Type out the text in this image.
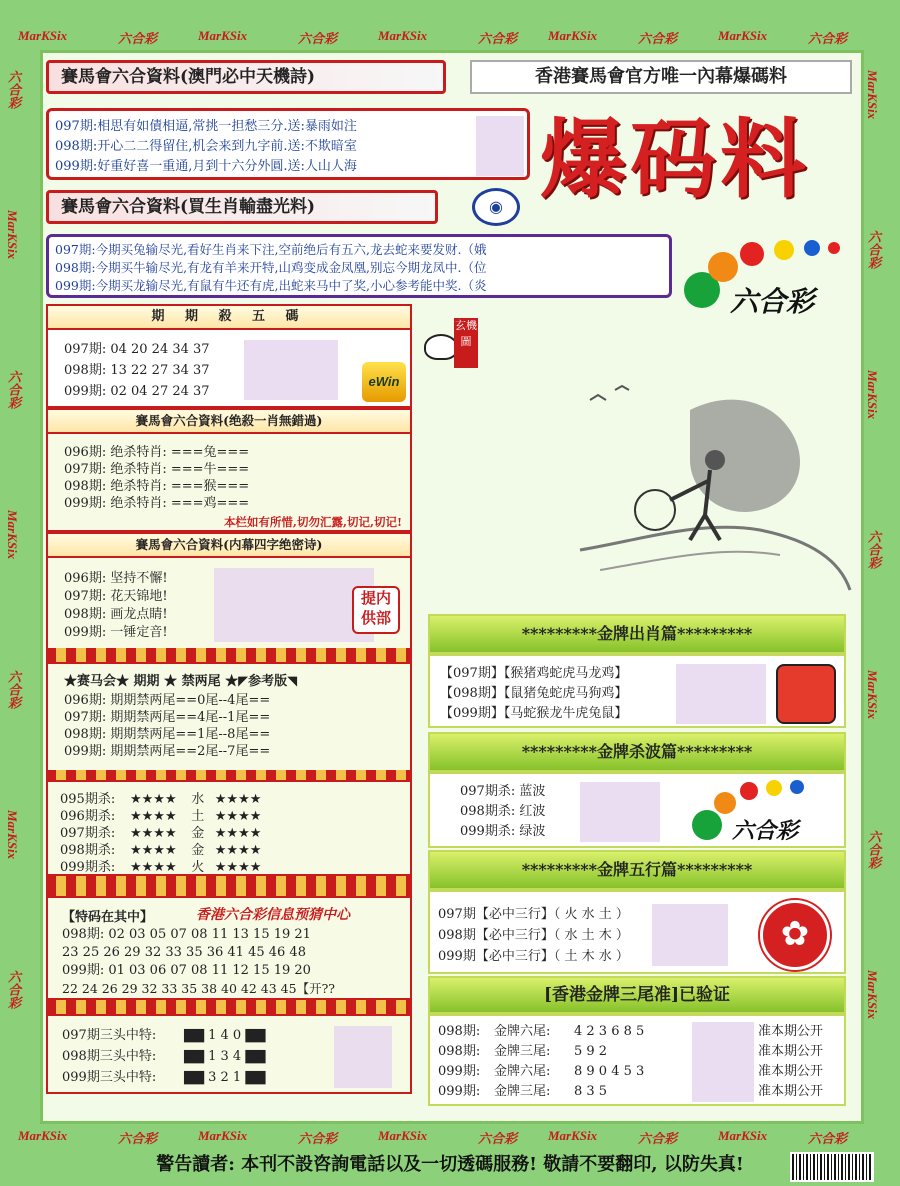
MarKSix	六合彩	MarKSix	六合彩	MarKSix	六合彩 MarKSix	六合彩	MarKSix	六合彩
MarKSix	六合彩	MarKSix	六合彩	MarKSix	六合彩 MarKSix	六合彩	MarKSix	六合彩
六合彩
MarKSix
六合彩
MarKSix
六合彩
MarKSix
六合彩
MarKSix
六合彩
MarKSix
六合彩
MarKSix
六合彩
MarKSix
賽馬會六合資料(澳門必中天機詩)	香港賽馬會官方唯一內幕爆碼料
097期:相思有如債相逼,常挑一担愁三分.送:暴雨如注
098期:开心二二得留住,机会来到九字前.送:不欺暗室
099期:好重好喜一重通,月到十六分外圓.送:人山人海	爆码料
賽馬會六合資料(買生肖輸盡光料)	◉
097期:今期买兔输尽光,看好生肖来下注,空前绝后有五六,龙去蛇来要发财.（娥
098期:今期买牛输尽光,有龙有羊来开特,山鸡变成金凤凰,别忘今期龙凤中.（位
099期:今期买龙输尽光,有鼠有牛还有虎,出蛇来马中了奖,小心参考能中奖.（炎	六合彩
期 期 殺 五 碼
097期: 04 20 24 34 37
098期: 13 22 27 34 37
099期: 02 04 27 24 37
eWin
賽馬會六合資料(绝殺一肖無錯過)
096期: 绝杀特肖: ===兔===
097期: 绝杀特肖: ===牛===
098期: 绝杀特肖: ===猴===
099期: 绝杀特肖: ===鸡===
本栏如有所惜,切勿汇露,切记,切记!
賽馬會六合資料(内幕四字绝密诗)
096期: 坚持不懈!
097期: 花天锦地!
098期: 画龙点睛!
099期: 一锤定音!
提内供部
★赛马会★ 期期 ★ 禁两尾 ★◤参考版◥
096期: 期期禁两尾==0尾--4尾==
097期: 期期禁两尾==4尾--1尾==
098期: 期期禁两尾==1尾--8尾==
099期: 期期禁两尾==2尾--7尾==
095期杀: ★★★★ 水 ★★★★
096期杀: ★★★★ 土 ★★★★
097期杀: ★★★★ 金 ★★★★
098期杀: ★★★★ 金 ★★★★
099期杀: ★★★★ 火 ★★★★
【特码在其中】	香港六合彩信息预猜中心
098期: 02 03 05 07 08 11 13 15 19 21
23 25 26 29 32 33 35 36 41 45 46 48
099期: 01 03 06 07 08 11 12 15 19 20
22 24 26 29 32 33 35 38 40 42 43 45【开??
097期三头中特: ▇▇ 1 4 0 ▇▇
098期三头中特: ▇▇ 1 3 4 ▇▇
099期三头中特: ▇▇ 3 2 1 ▇▇
玄機圖
*********金牌出肖篇*********
【097期】【猴猪鸡蛇虎马龙鸡】
【098期】【鼠猪兔蛇虎马狗鸡】
【099期】【马蛇猴龙牛虎兔鼠】
*********金牌杀波篇*********
097期杀: 蓝波
098期杀: 红波
099期杀: 绿波	六合彩
*********金牌五行篇*********
097期【必中三行】（ 火 水 土 ）
098期【必中三行】（ 水 土 木 ）
099期【必中三行】（ 土 木 水 ）
✿
[香港金牌三尾准]已验证
098期: 金牌六尾: 4 2 3 6 8 5	准本期公开
098期: 金牌三尾: 5 9 2	准本期公开
099期: 金牌六尾: 8 9 0 4 5 3	准本期公开
099期: 金牌三尾: 8 3 5	准本期公开
警告讀者: 本刊不設咨詢電話以及一切透碼服務! 敬請不要翻印, 以防失真!
